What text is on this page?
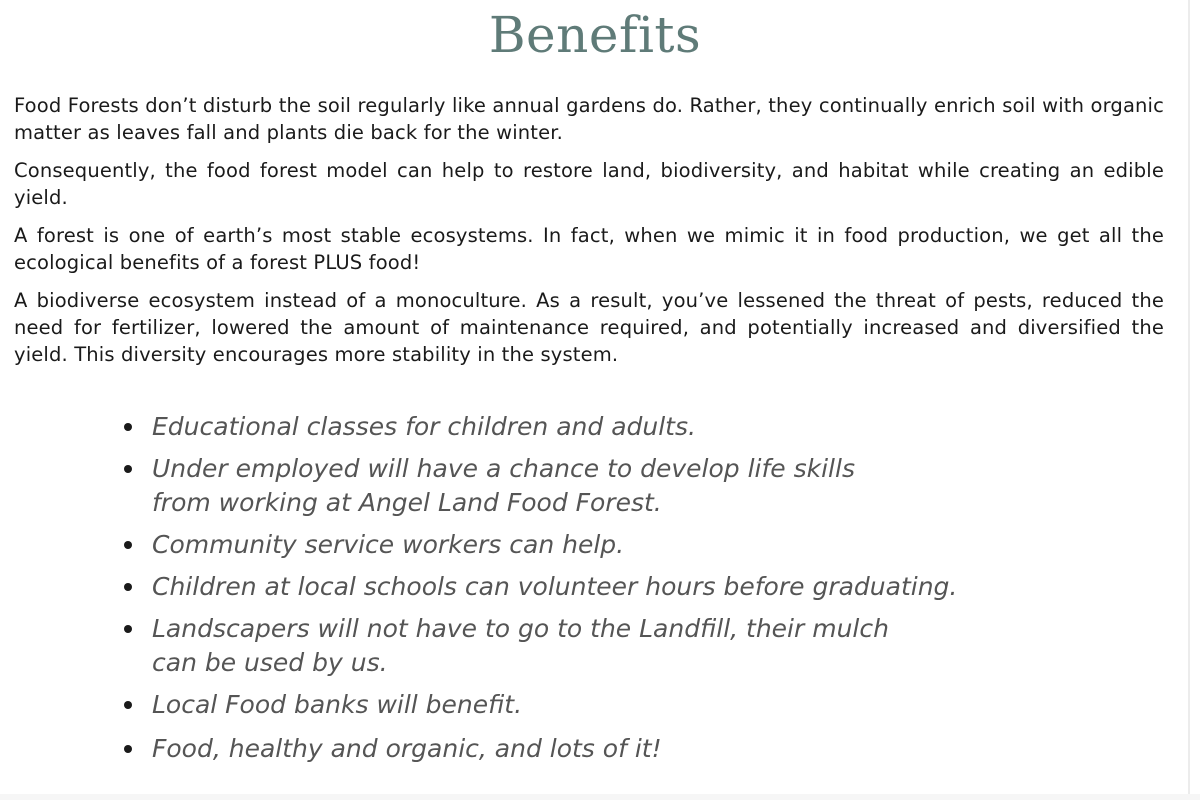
Benefits

Food Forests don’t disturb the soil regularly like annual gardens do. Rather, they continually enrich soil with organic matter as leaves fall and plants die back for the winter.

Consequently, the food forest model can help to restore land, biodiversity, and habitat while creating an edible yield.

A forest is one of earth’s most stable ecosystems. In fact, when we mimic it in food production, we get all the ecological benefits of a forest PLUS food!

A biodiverse ecosystem instead of a monoculture. As a result, you’ve lessened the threat of pests, reduced the need for fertilizer, lowered the amount of maintenance required, and potentially increased and diversified the yield. This diversity encourages more stability in the system.

Educational classes for children and adults.
Under employed will have a chance to develop life skills
from working at Angel Land Food Forest.
Community service workers can help.
Children at local schools can volunteer hours before graduating.
Landscapers will not have to go to the Landfill, their mulch
can be used by us.
Local Food banks will benefit.
Food, healthy and organic, and lots of it!
